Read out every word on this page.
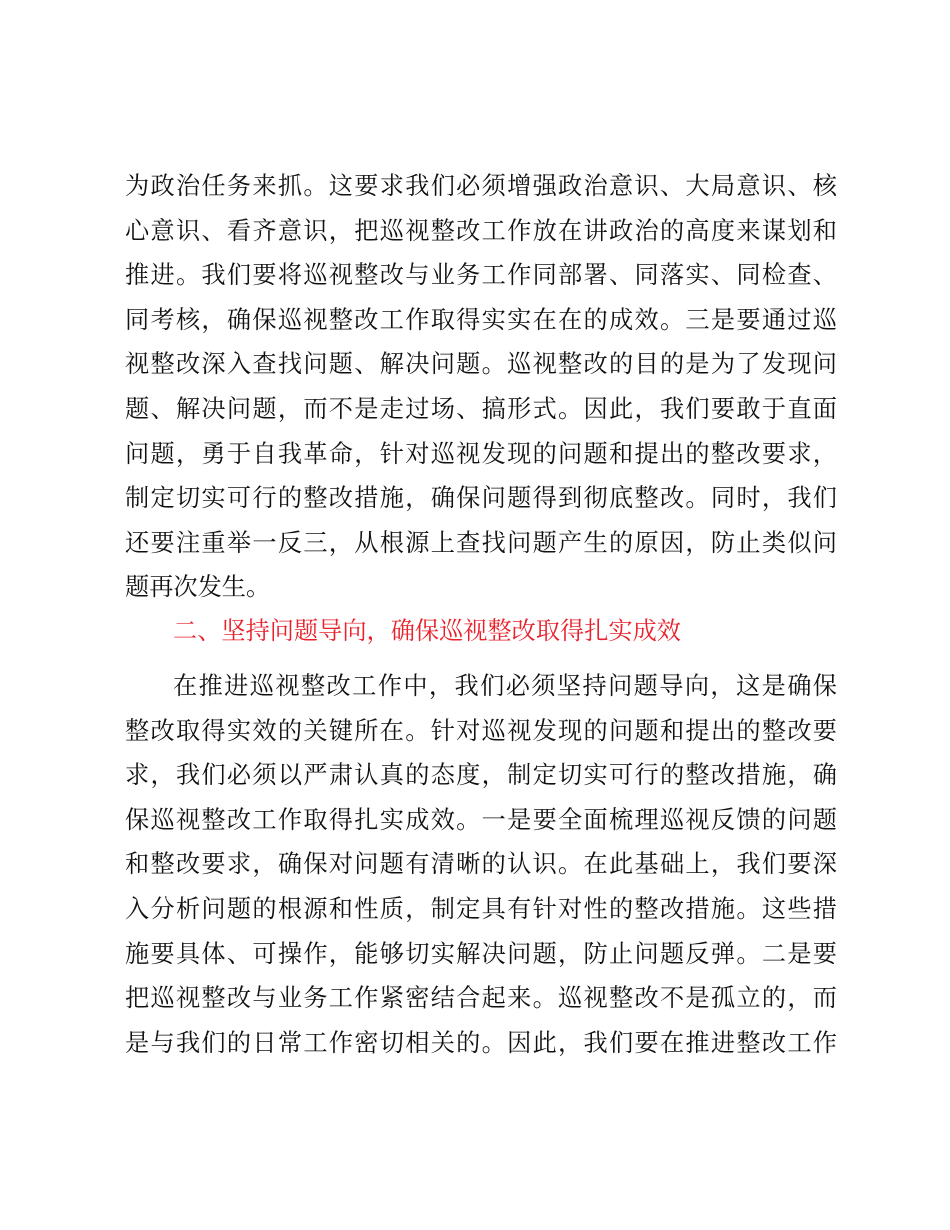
为政治任务来抓。这要求我们必须增强政治意识、大局意识、核
心意识、看齐意识，把巡视整改工作放在讲政治的高度来谋划和
推进。我们要将巡视整改与业务工作同部署、同落实、同检查、
同考核，确保巡视整改工作取得实实在在的成效。三是要通过巡
视整改深入查找问题、解决问题。巡视整改的目的是为了发现问
题、解决问题，而不是走过场、搞形式。因此，我们要敢于直面
问题，勇于自我革命，针对巡视发现的问题和提出的整改要求，
制定切实可行的整改措施，确保问题得到彻底整改。同时，我们
还要注重举一反三，从根源上查找问题产生的原因，防止类似问
题再次发生。
二、坚持问题导向，确保巡视整改取得扎实成效
在推进巡视整改工作中，我们必须坚持问题导向，这是确保
整改取得实效的关键所在。针对巡视发现的问题和提出的整改要
求，我们必须以严肃认真的态度，制定切实可行的整改措施，确
保巡视整改工作取得扎实成效。一是要全面梳理巡视反馈的问题
和整改要求，确保对问题有清晰的认识。在此基础上，我们要深
入分析问题的根源和性质，制定具有针对性的整改措施。这些措
施要具体、可操作，能够切实解决问题，防止问题反弹。二是要
把巡视整改与业务工作紧密结合起来。巡视整改不是孤立的，而
是与我们的日常工作密切相关的。因此，我们要在推进整改工作
